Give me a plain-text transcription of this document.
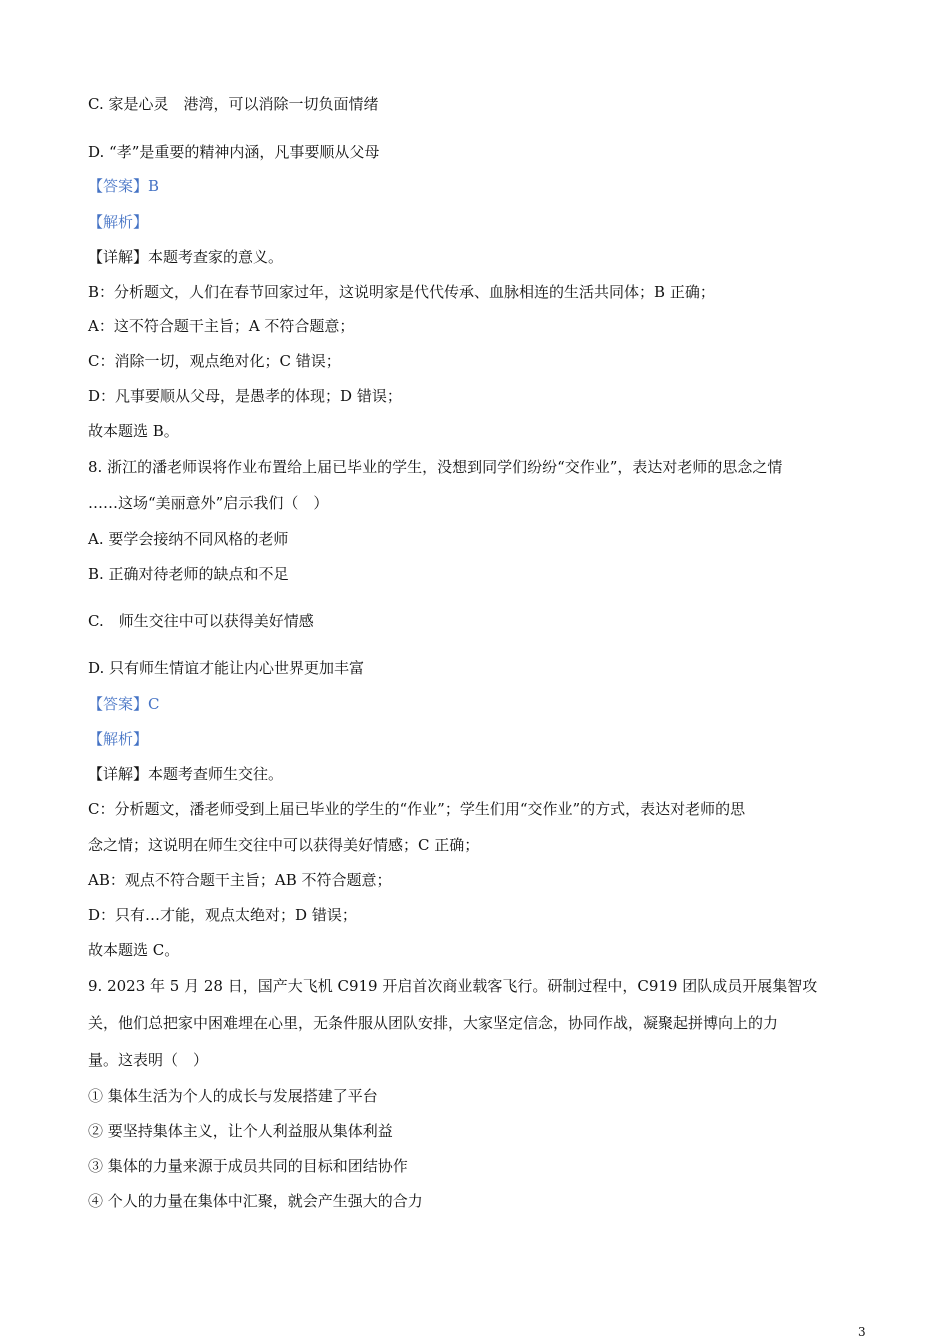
C. 家是心灵　港湾，可以消除一切负面情绪
D. “孝”是重要的精神内涵，凡事要顺从父母
【答案】B
【解析】
【详解】本题考查家的意义。
B：分析题文，人们在春节回家过年，这说明家是代代传承、血脉相连的生活共同体；B 正确；
A：这不符合题干主旨；A 不符合题意；
C：消除一切，观点绝对化；C 错误；
D：凡事要顺从父母，是愚孝的体现；D 错误；
故本题选 B。
8. 浙江的潘老师误将作业布置给上届已毕业的学生，没想到同学们纷纷“交作业”，表达对老师的思念之情
……这场“美丽意外”启示我们（　）
A. 要学会接纳不同风格的老师
B. 正确对待老师的缺点和不足
C.　师生交往中可以获得美好情感
D. 只有师生情谊才能让内心世界更加丰富
【答案】C
【解析】
【详解】本题考查师生交往。
C：分析题文，潘老师受到上届已毕业的学生的“作业”；学生们用“交作业”的方式，表达对老师的思
念之情；这说明在师生交往中可以获得美好情感；C 正确；
AB：观点不符合题干主旨；AB 不符合题意；
D：只有…才能，观点太绝对；D 错误；
故本题选 C。
9. 2023 年 5 月 28 日，国产大飞机 C919 开启首次商业载客飞行。研制过程中，C919 团队成员开展集智攻
关，他们总把家中困难埋在心里，无条件服从团队安排，大家坚定信念，协同作战，凝聚起拼博向上的力
量。这表明（　）
① 集体生活为个人的成长与发展搭建了平台
② 要坚持集体主义，让个人利益服从集体利益
③ 集体的力量来源于成员共同的目标和团结协作
④ 个人的力量在集体中汇聚，就会产生强大的合力
3
